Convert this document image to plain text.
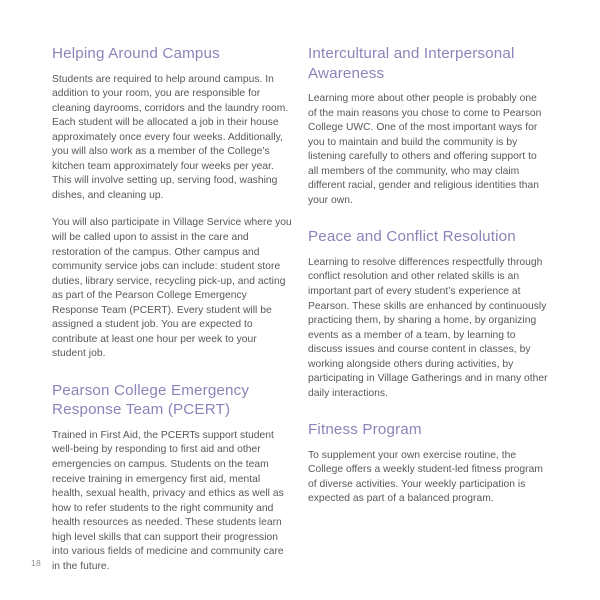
Helping Around Campus

Students are required to help around campus. In addition to your room, you are responsible for cleaning dayrooms, corridors and the laundry room. Each student will be allocated a job in their house approximately once every four weeks. Additionally, you will also work as a member of the College’s kitchen team approximately four weeks per year. This will involve setting up, serving food, washing dishes, and cleaning up.

You will also participate in Village Service where you will be called upon to assist in the care and restoration of the campus. Other campus and community service jobs can include: student store duties, library service, recycling pick-up, and acting as part of the Pearson College Emergency Response Team (PCERT). Every student will be assigned a student job. You are expected to contribute at least one hour per week to your student job.

Pearson College Emergency Response Team (PCERT)

Trained in First Aid, the PCERTs support student well-being by responding to first aid and other emergencies on campus. Students on the team receive training in emergency first aid, mental health, sexual health, privacy and ethics as well as how to refer students to the right community and health resources as needed. These students learn high level skills that can support their progression into various fields of medicine and community care in the future.

Intercultural and Interpersonal Awareness

Learning more about other people is probably one of the main reasons you chose to come to Pearson College UWC. One of the most important ways for you to maintain and build the community is by listening carefully to others and offering support to all members of the community, who may claim different racial, gender and religious identities than your own.

Peace and Conflict Resolution

Learning to resolve differences respectfully through conflict resolution and other related skills is an important part of every student’s experience at Pearson. These skills are enhanced by continuously practicing them, by sharing a home, by organizing events as a member of a team, by learning to discuss issues and course content in classes, by working alongside others during activities, by participating in Village Gatherings and in many other daily interactions.

Fitness Program

To supplement your own exercise routine, the College offers a weekly student-led fitness program of diverse activities. Your weekly participation is expected as part of a balanced program.

18
